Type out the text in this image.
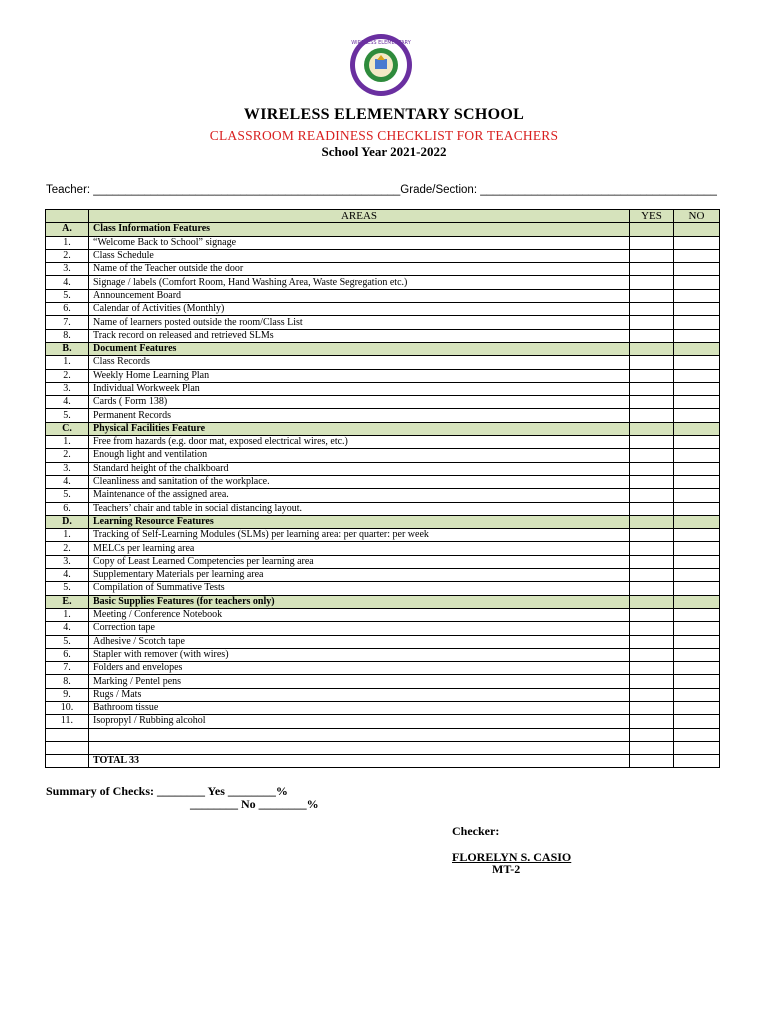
WIRELESS ELEMENTARY
WIRELESS ELEMENTARY SCHOOL
CLASSROOM READINESS CHECKLIST FOR TEACHERS
School Year 2021-2022
Teacher: ________________________________________________Grade/Section: _____________________________________
	AREAS	YES	NO
A.	Class Information Features		
1.	“Welcome Back to School” signage		
2.	Class Schedule		
3.	Name of the Teacher outside the door		
4.	Signage / labels (Comfort Room, Hand Washing Area, Waste Segregation etc.)		
5.	Announcement Board		
6.	Calendar of Activities (Monthly)		
7.	Name of learners posted outside the room/Class List		
8.	Track record on released and retrieved SLMs		
B.	Document Features		
1.	Class Records		
2.	Weekly Home Learning Plan		
3.	Individual Workweek Plan		
4.	Cards ( Form 138)		
5.	Permanent Records		
C.	Physical Facilities Feature		
1.	Free from hazards (e.g. door mat, exposed electrical wires, etc.)		
2.	Enough light and ventilation		
3.	Standard height of the chalkboard		
4.	Cleanliness and sanitation of the workplace.		
5.	Maintenance of the assigned area.		
6.	Teachers’ chair and table in social distancing layout.		
D.	Learning Resource Features		
1.	Tracking of Self-Learning Modules (SLMs) per learning area: per quarter: per week		
2.	MELCs per learning area		
3.	Copy of Least Learned Competencies per learning area		
4.	Supplementary Materials per learning area		
5.	Compilation of Summative Tests		
E.	Basic Supplies Features (for teachers only)		
1.	Meeting / Conference Notebook		
4.	Correction tape		
5.	Adhesive / Scotch tape		
6.	Stapler with remover (with wires)		
7.	Folders and envelopes		
8.	Marking / Pentel pens		
9.	Rugs / Mats		
10.	Bathroom tissue		
11.	Isopropyl / Rubbing alcohol		

	TOTAL 33		
Summary of Checks: ________ Yes ________%
________ No ________%
Checker:
FLORELYN S. CASIO
MT-2
